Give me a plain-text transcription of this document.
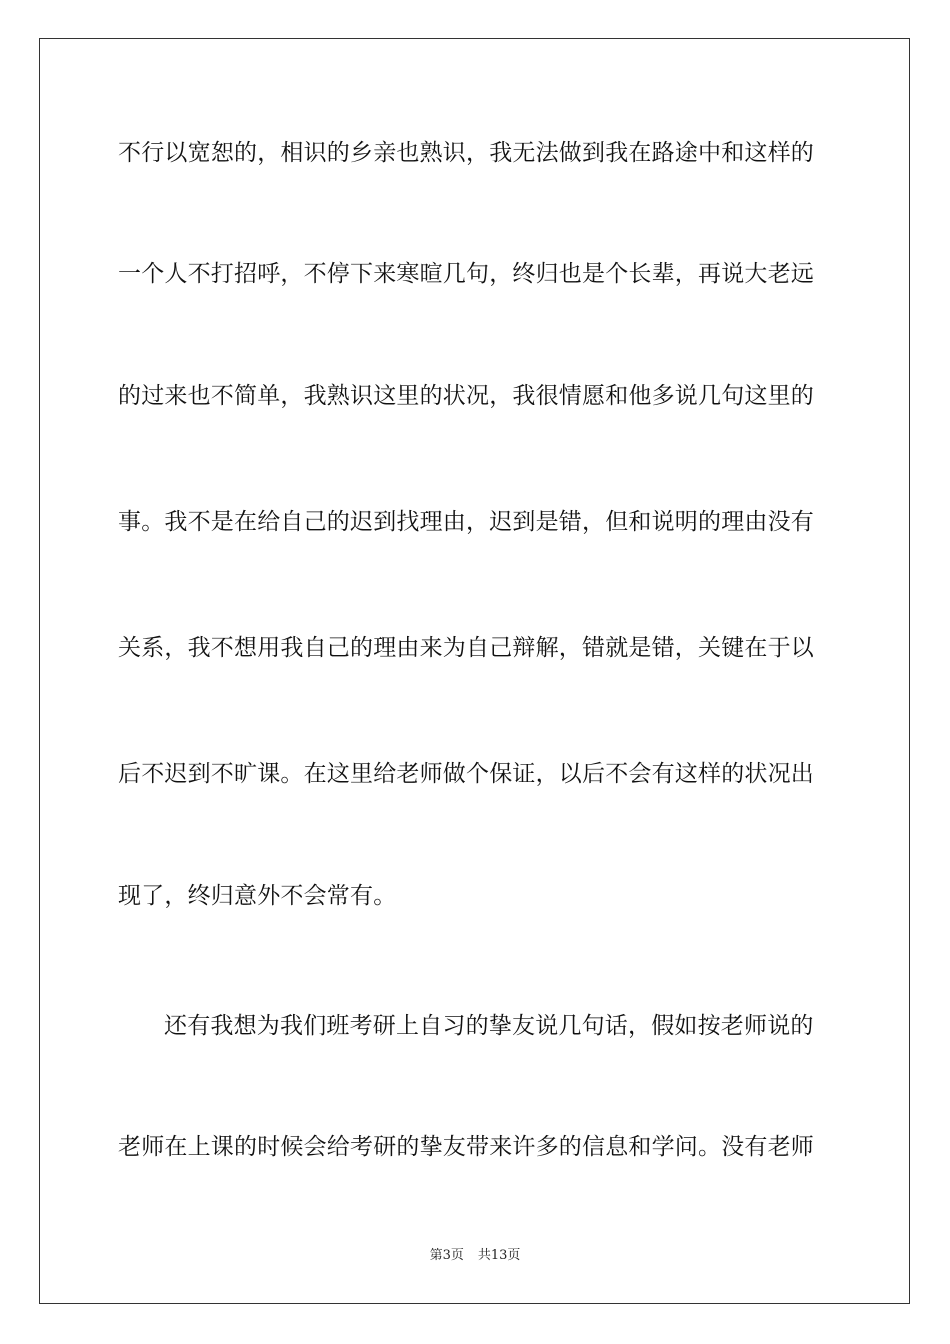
不行以宽恕的，相识的乡亲也熟识，我无法做到我在路途中和这样的
一个人不打招呼，不停下来寒暄几句，终归也是个长辈，再说大老远
的过来也不简单，我熟识这里的状况，我很情愿和他多说几句这里的
事。我不是在给自己的迟到找理由，迟到是错，但和说明的理由没有
关系，我不想用我自己的理由来为自己辩解，错就是错，关键在于以
后不迟到不旷课。在这里给老师做个保证，以后不会有这样的状况出
现了，终归意外不会常有。
还有我想为我们班考研上自习的挚友说几句话，假如按老师说的
老师在上课的时候会给考研的挚友带来许多的信息和学问。没有老师
第3页 共13页
